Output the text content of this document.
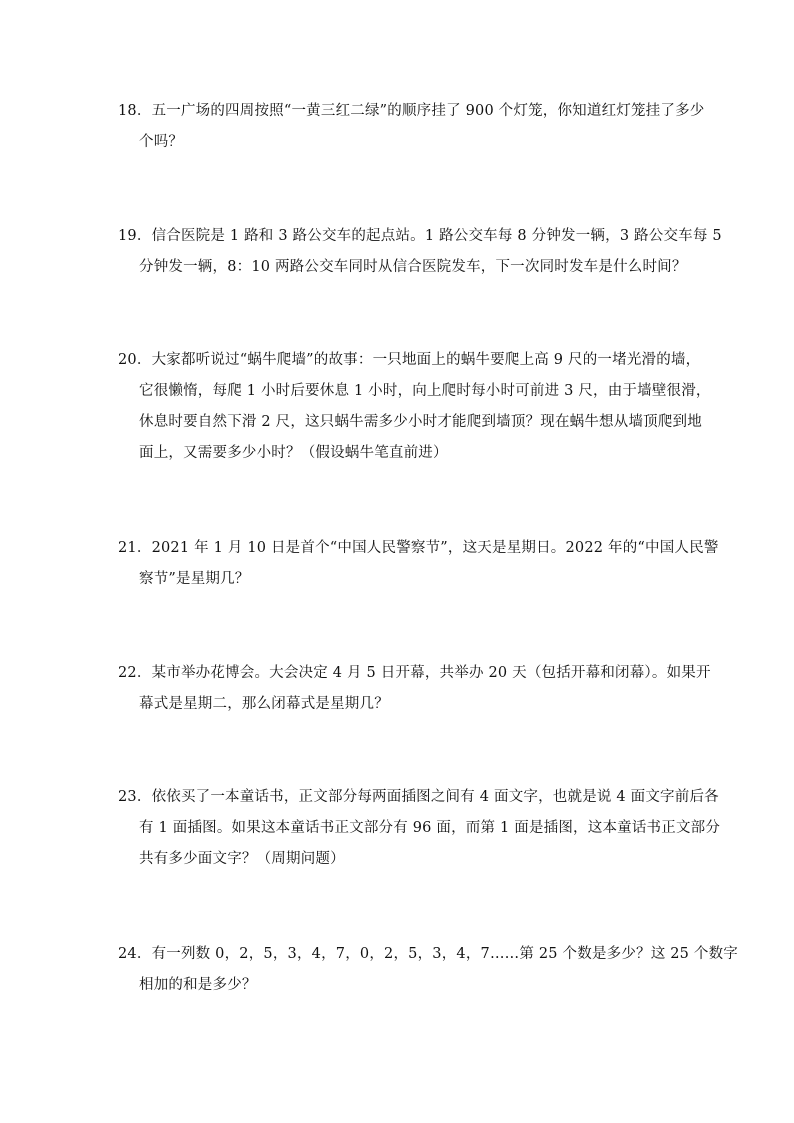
18．五一广场的四周按照“一黄三红二绿”的顺序挂了 900 个灯笼，你知道红灯笼挂了多少
个吗？
19．信合医院是 1 路和 3 路公交车的起点站。1 路公交车每 8 分钟发一辆，3 路公交车每 5
分钟发一辆，8：10 两路公交车同时从信合医院发车，下一次同时发车是什么时间？
20．大家都听说过“蜗牛爬墙”的故事：一只地面上的蜗牛要爬上高 9 尺的一堵光滑的墙，
它很懒惰，每爬 1 小时后要休息 1 小时，向上爬时每小时可前进 3 尺，由于墙壁很滑，
休息时要自然下滑 2 尺，这只蜗牛需多少小时才能爬到墙顶？现在蜗牛想从墙顶爬到地
面上，又需要多少小时？（假设蜗牛笔直前进）
21．2021 年 1 月 10 日是首个“中国人民警察节”，这天是星期日。2022 年的“中国人民警
察节”是星期几？
22．某市举办花博会。大会决定 4 月 5 日开幕，共举办 20 天（包括开幕和闭幕）。如果开
幕式是星期二，那么闭幕式是星期几？
23．依依买了一本童话书，正文部分每两面插图之间有 4 面文字，也就是说 4 面文字前后各
有 1 面插图。如果这本童话书正文部分有 96 面，而第 1 面是插图，这本童话书正文部分
共有多少面文字？（周期问题）
24．有一列数 0，2，5，3，4，7，0，2，5，3，4，7……第 25 个数是多少？这 25 个数字
相加的和是多少？
